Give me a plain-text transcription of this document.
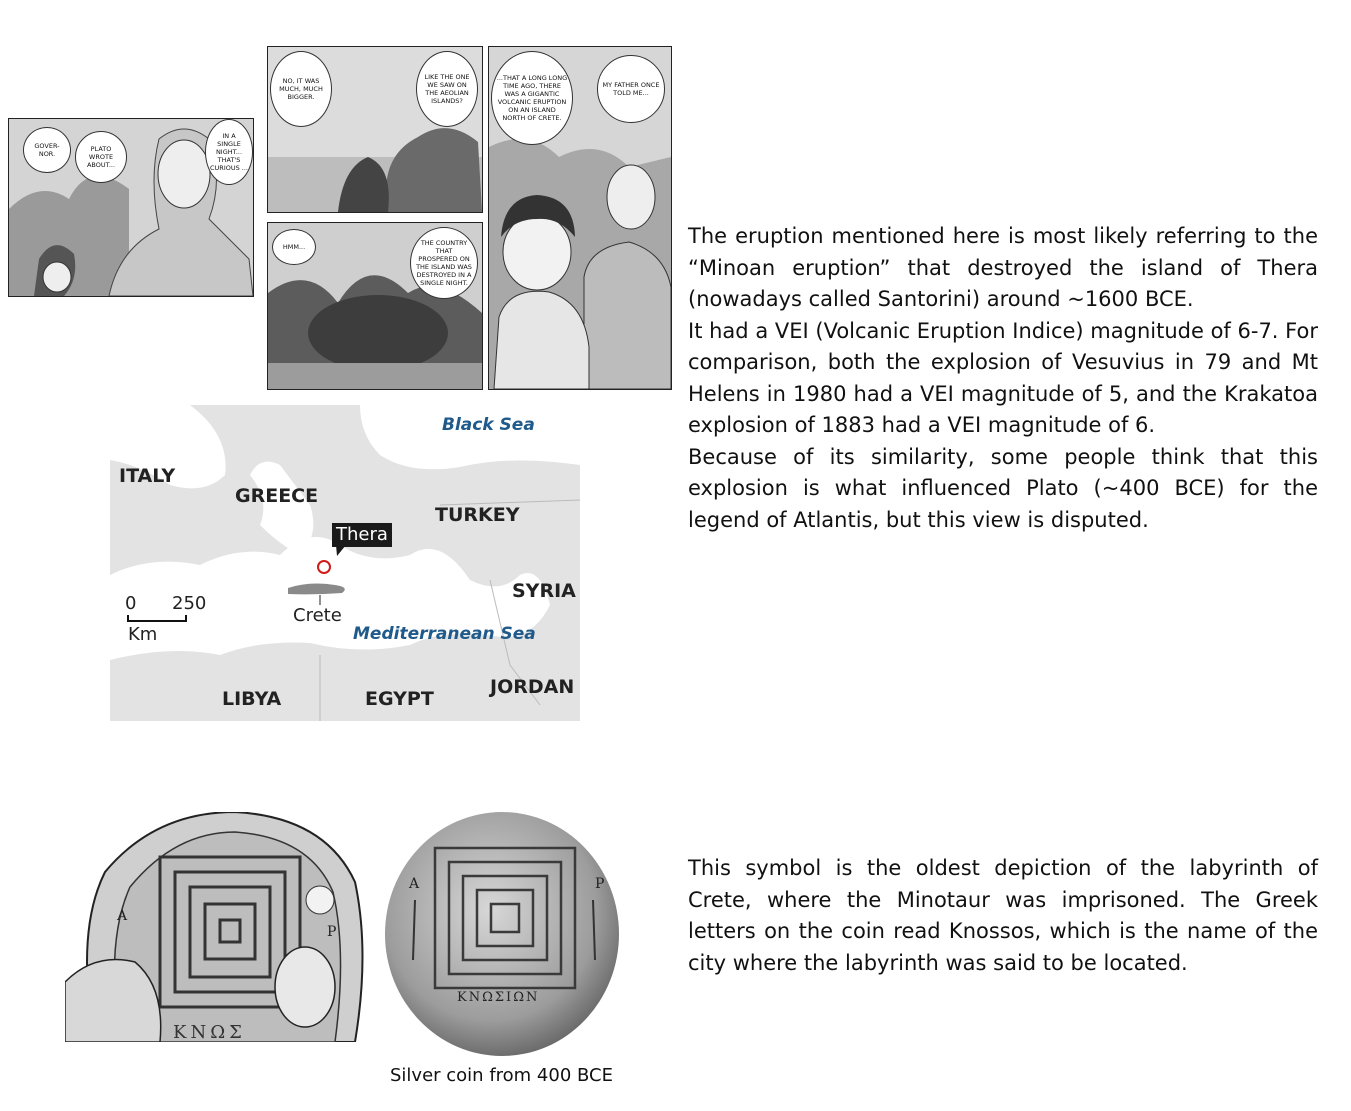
GOVER-NOR.
PLATO WROTE ABOUT...
IN A SINGLE NIGHT... THAT'S CURIOUS ...
NO, IT WAS MUCH, MUCH BIGGER.
LIKE THE ONE WE SAW ON THE AEOLIAN ISLANDS?
HMM...	THE COUNTRY THAT PROSPERED ON THE ISLAND WAS DESTROYED IN A SINGLE NIGHT.
...THAT A LONG LONG TIME AGO, THERE WAS A GIGANTIC VOLCANIC ERUPTION ON AN ISLAND NORTH OF CRETE.
MY FATHER ONCE TOLD ME...
ITALY
GREECE
TURKEY
SYRIA
LIBYA	EGYPT
JORDAN
Black Sea
Mediterranean Sea
Thera
Crete
0 250
Km

The eruption mentioned here is most likely referring to the “Minoan eruption” that destroyed the island of Thera (nowadays called Santorini) around ~1600 BCE.

It had a VEI (Volcanic Eruption Indice) magnitude of 6-7. For comparison, both the explosion of Vesuvius in 79 and Mt Helens in 1980 had a VEI magnitude of 5, and the Krakatoa explosion of 1883 had a VEI magnitude of 6.

Because of its similarity, some people think that this explosion is what influenced Plato (~400 BCE) for the legend of Atlantis, but this view is disputed.

A
P
ΚΝΩΣ
A	P
ΚΝΩΣΙΩΝ
Silver coin from 400 BCE

This symbol is the oldest depiction of the labyrinth of Crete, where the Minotaur was imprisoned. The Greek letters on the coin read Knossos, which is the name of the city where the labyrinth was said to be located.
